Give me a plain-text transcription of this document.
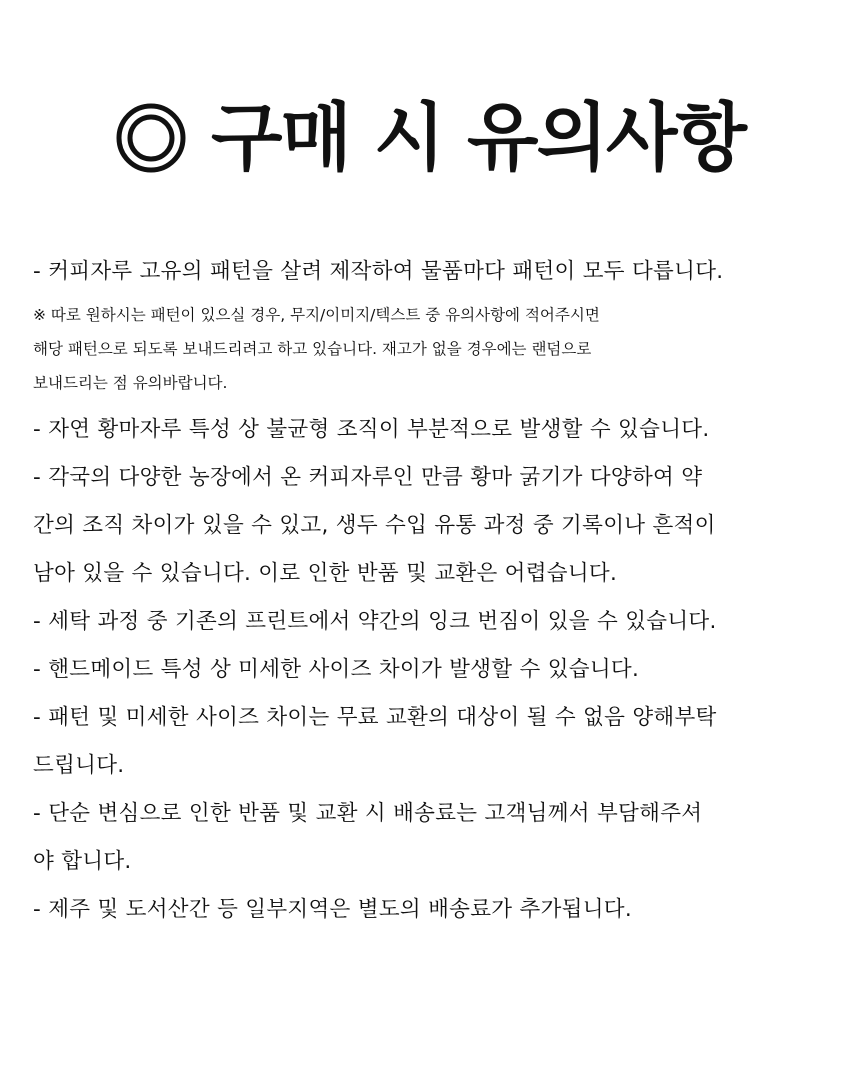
구매 시 유의사항
- 커피자루 고유의 패턴을 살려 제작하여 물품마다 패턴이 모두 다릅니다.
※ 따로 원하시는 패턴이 있으실 경우, 무지/이미지/텍스트 중 유의사항에 적어주시면
해당 패턴으로 되도록 보내드리려고 하고 있습니다. 재고가 없을 경우에는 랜덤으로
보내드리는 점 유의바랍니다.
- 자연 황마자루 특성 상 불균형 조직이 부분적으로 발생할 수 있습니다.
- 각국의 다양한 농장에서 온 커피자루인 만큼 황마 굵기가 다양하여 약
간의 조직 차이가 있을 수 있고, 생두 수입 유통 과정 중 기록이나 흔적이
남아 있을 수 있습니다. 이로 인한 반품 및 교환은 어렵습니다.
- 세탁 과정 중 기존의 프린트에서 약간의 잉크 번짐이 있을 수 있습니다.
- 핸드메이드 특성 상 미세한 사이즈 차이가 발생할 수 있습니다.
- 패턴 및 미세한 사이즈 차이는 무료 교환의 대상이 될 수 없음 양해부탁
드립니다.
- 단순 변심으로 인한 반품 및 교환 시 배송료는 고객님께서 부담해주셔
야 합니다.
- 제주 및 도서산간 등 일부지역은 별도의 배송료가 추가됩니다.
